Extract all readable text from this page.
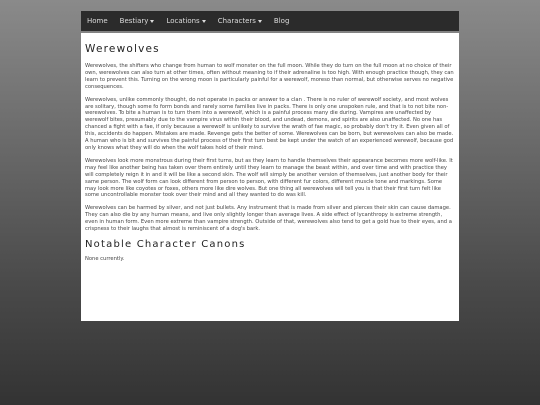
Home Bestiary	Locations	Characters	Blog
Werewolves

Werewolves, the shifters who change from human to wolf monster on the full moon. While they do turn on the full moon at no choice of their own, werewolves can also turn at other times, often without meaning to if their adrenaline is too high. With enough practice though, they can learn to prevent this. Turning on the wrong moon is particularly painful for a werewolf, moreso than normal, but otherwise serves no negative consequences.

Werewolves, unlike commonly thought, do not operate in packs or answer to a clan . There is no ruler of werewolf society, and most wolves are solitary, though some fo form bonds and rarely some families live in packs. There is only one unspoken rule, and that is to not bite non-werewolves. To bite a human is to turn them into a werewolf, which is a painful process many die during. Vampires are unaffected by werewolf bites, presumably due to the vampire virus within their blood, and undead, demons, and spirits are also unaffected. No one has chanced a fight with a fae, if only because a werewolf is unlikely to survive the wrath of fae magic, so probably don't try it. Even given all of this, accidents do happen. Mistakes are made. Revenge gets the better of some. Werewolves can be born, but werewolves can also be made. A human who is bit and survives the painful process of their first turn best be kept under the watch of an experienced werewolf, because god only knows what they will do when the wolf takes hold of their mind.

Werewolves look more monstrous during their first turns, but as they learn to handle themselves their appearance becomes more wolf-like. It may feel like another being has taken over them entirely until they learn to manage the beast within, and over time and with practice they will completely reign it in and it will be like a second skin. The wolf will simply be another version of themselves, just another body for their same person. The wolf form can look different from person to person, with different fur colors, different muscle tone and markings. Some may look more like coyotes or foxes, others more like dire wolves. But one thing all werewolves will tell you is that their first turn felt like some uncontrollable monster took over their mind and all they wanted to do was kill.

Werewolves can be harmed by silver, and not just bullets. Any instrument that is made from silver and pierces their skin can cause damage. They can also die by any human means, and live only slightly longer than average lives. A side effect of lycanthropy is extreme strength, even in human form. Even more extreme than vampire strength. Outside of that, werewolves also tend to get a gold hue to their eyes, and a crispness to their laughs that almost is reminiscent of a dog's bark.

Notable Character Canons

None currently.
